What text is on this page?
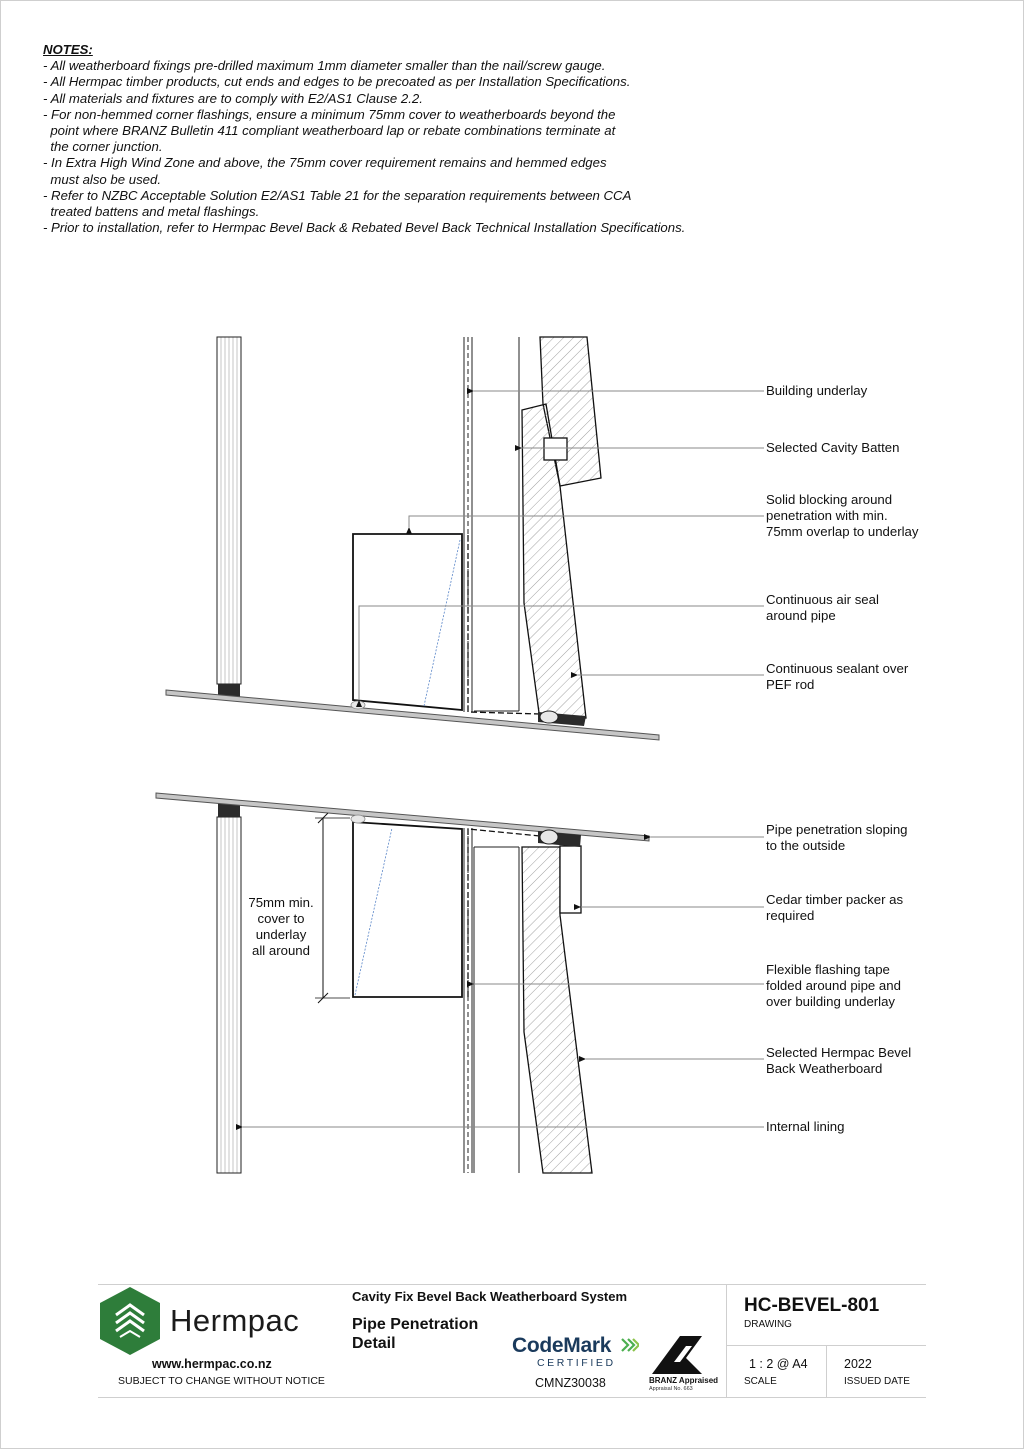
NOTES:
- All weatherboard fixings pre-drilled maximum 1mm diameter smaller than the nail/screw gauge.
- All Hermpac timber products, cut ends and edges to be precoated as per Installation Specifications.
- All materials and fixtures are to comply with E2/AS1 Clause 2.2.
- For non-hemmed corner flashings, ensure a minimum 75mm cover to weatherboards beyond the
point where BRANZ Bulletin 411 compliant weatherboard lap or rebate combinations terminate at
the corner junction.
- In Extra High Wind Zone and above, the 75mm cover requirement remains and hemmed edges
must also be used.
- Refer to NZBC Acceptable Solution E2/AS1 Table 21 for the separation requirements between CCA
treated battens and metal flashings.
- Prior to installation, refer to Hermpac Bevel Back & Rebated Bevel Back Technical Installation Specifications.
Building underlay
Selected Cavity Batten
Solid blocking around
penetration with min.
75mm overlap to underlay
Continuous air seal
around pipe
Continuous sealant over
PEF rod
Pipe penetration sloping
to the outside
Cedar timber packer as
required
Flexible flashing tape
folded around pipe and
over building underlay
Selected Hermpac Bevel
Back Weatherboard
Internal lining
75mm min.
cover to
underlay
all around
Hermpac
www.hermpac.co.nz
SUBJECT TO CHANGE WITHOUT NOTICE
Cavity Fix Bevel Back Weatherboard System
Pipe Penetration
Detail	CodeMark
CERTIFIED
CMNZ30038	BRANZ Appraised
Appraisal No. 663
HC-BEVEL-801
DRAWING
1 : 2 @ A4
SCALE
2022
ISSUED DATE
